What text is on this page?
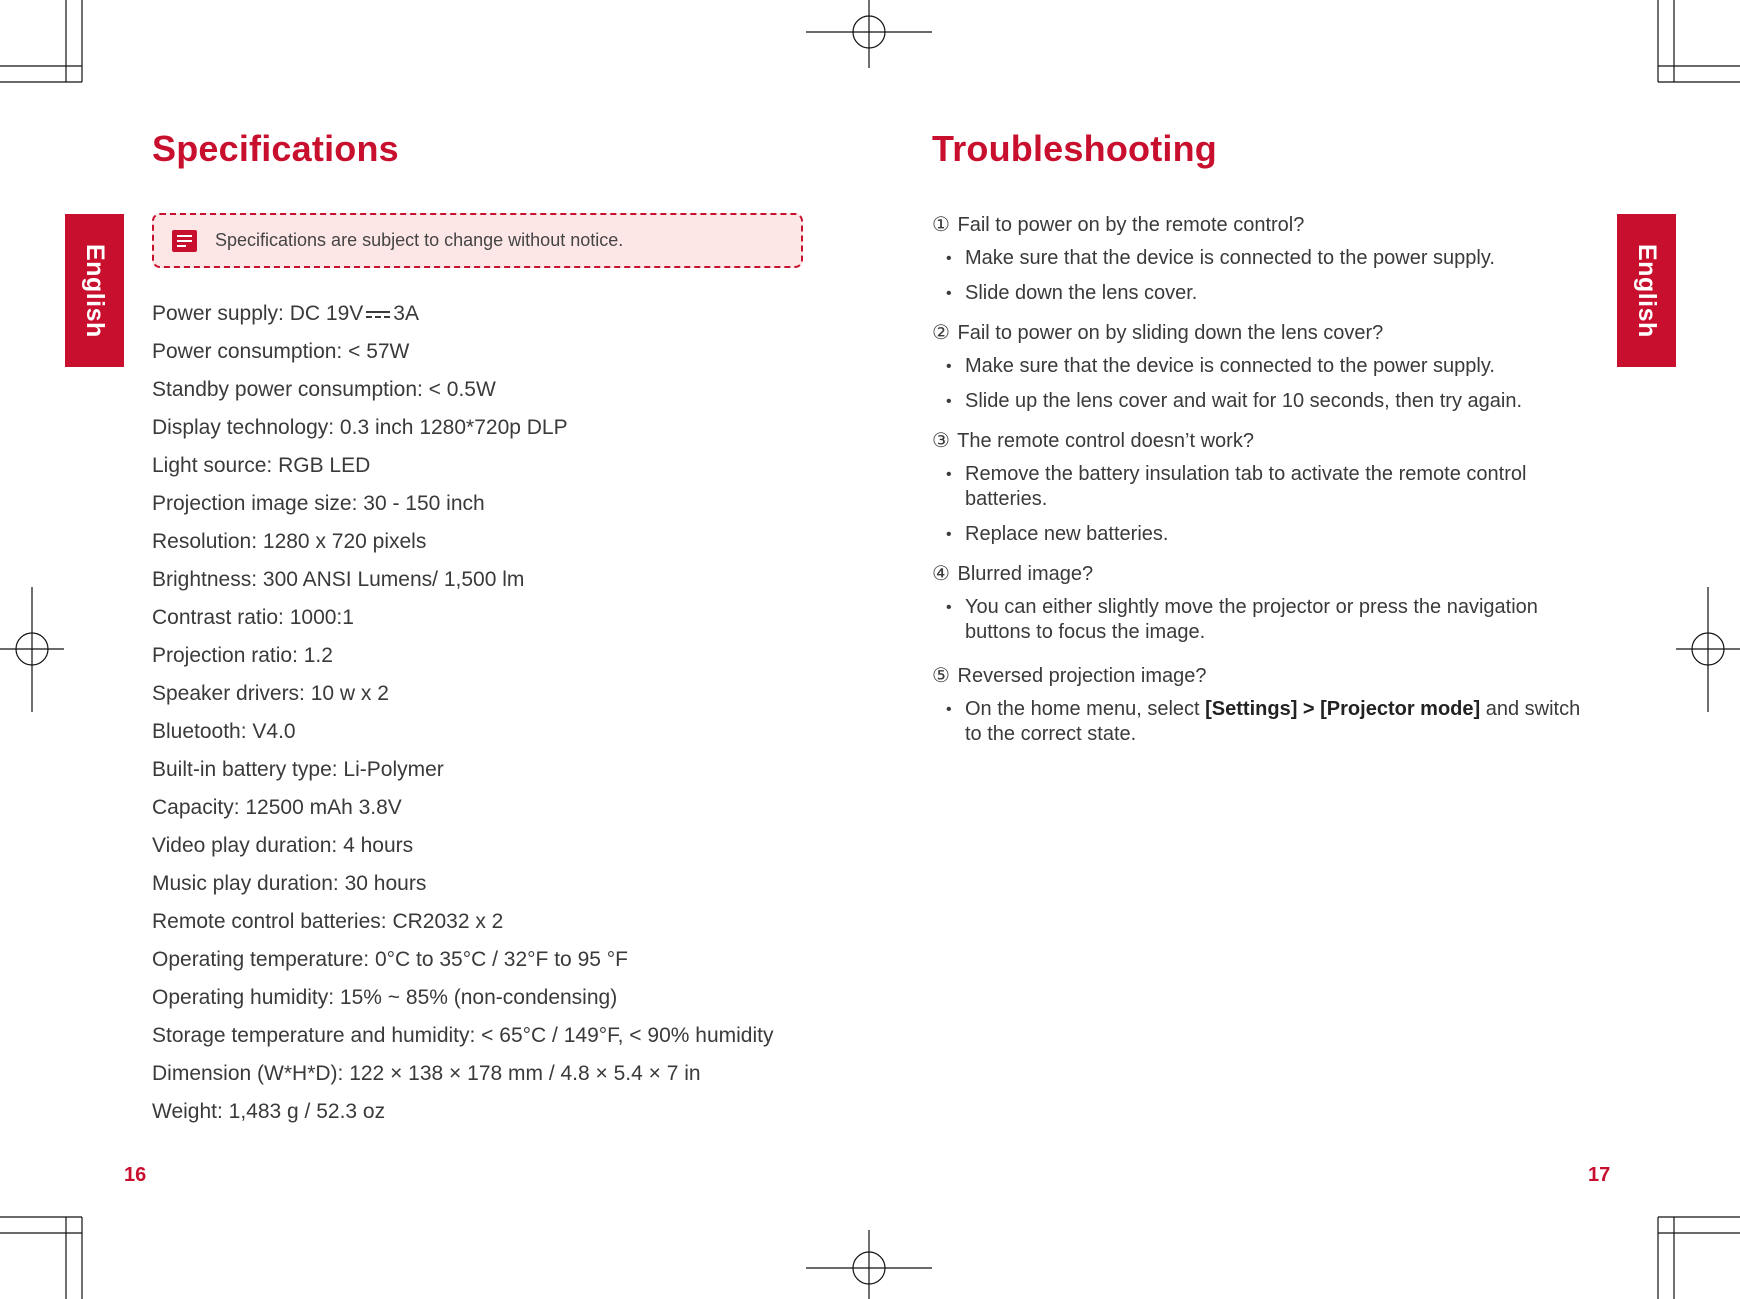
Specifications
English
Specifications are subject to change without notice.
Power supply: DC 19V 3A
Power consumption: < 57W
Standby power consumption: < 0.5W
Display technology: 0.3 inch 1280*720p DLP
Light source: RGB LED
Projection image size: 30 - 150 inch
Resolution: 1280 x 720 pixels
Brightness: 300 ANSI Lumens/ 1,500 lm
Contrast ratio: 1000:1
Projection ratio: 1.2
Speaker drivers: 10 w x 2
Bluetooth: V4.0
Built-in battery type: Li-Polymer
Capacity: 12500 mAh 3.8V
Video play duration: 4 hours
Music play duration: 30 hours
Remote control batteries: CR2032 x 2
Operating temperature: 0°C to 35°C / 32°F to 95 °F
Operating humidity: 15% ~ 85% (non-condensing)
Storage temperature and humidity: < 65°C / 149°F, < 90% humidity
Dimension (W*H*D): 122 × 138 × 178 mm / 4.8 × 5.4 × 7 in
Weight: 1,483 g / 52.3 oz
16
Troubleshooting
English

① Fail to power on by the remote control?

• Make sure that the device is connected to the power supply.
• Slide down the lens cover.

② Fail to power on by sliding down the lens cover?

• Make sure that the device is connected to the power supply.
• Slide up the lens cover and wait for 10 seconds, then try again.

③ The remote control doesn’t work?

• Remove the battery insulation tab to activate the remote control batteries.
• Replace new batteries.

④ Blurred image?

• You can either slightly move the projector or press the navigation buttons to focus the image.

⑤ Reversed projection image?

• On the home menu, select [Settings] > [Projector mode] and switch to the correct state.
17
